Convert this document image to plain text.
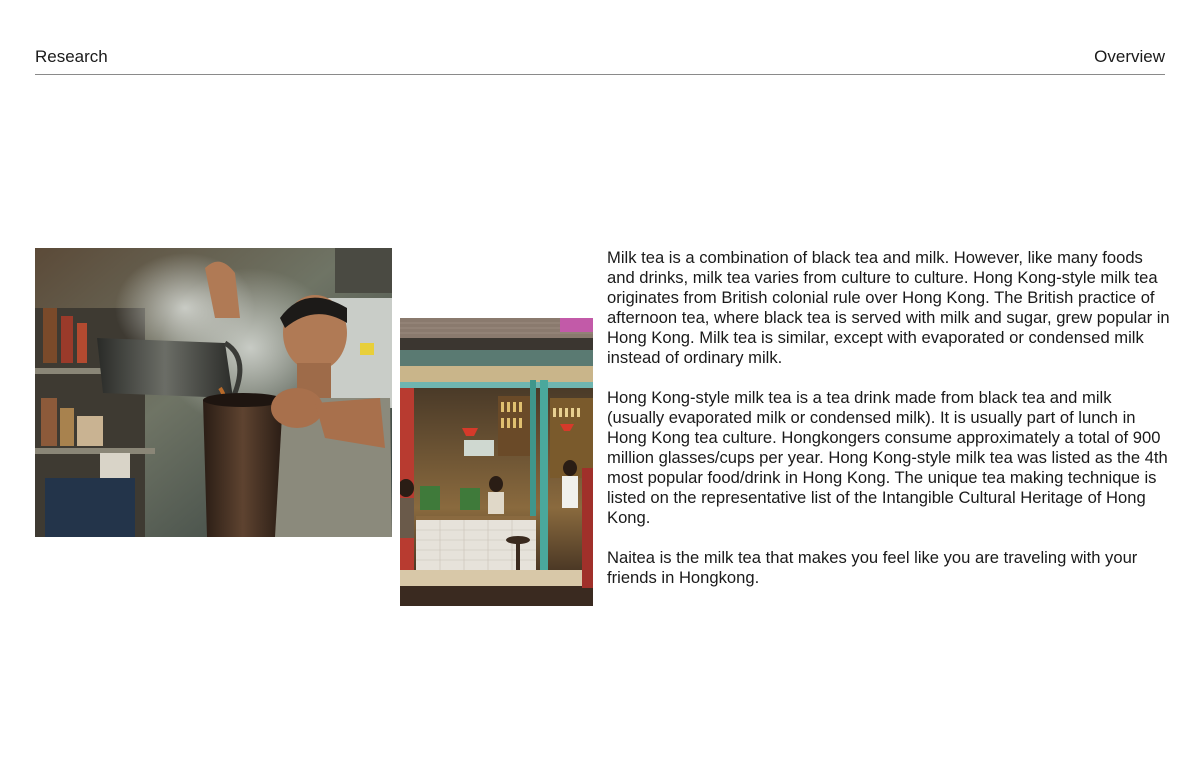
Research	Overview

Milk tea is a combination of black tea and milk. However, like many foods and drinks, milk tea varies from culture to culture. Hong Kong-style milk tea originates from British colonial rule over Hong Kong. The British practice of afternoon tea, where black tea is served with milk and sugar, grew popular in Hong Kong. Milk tea is similar, except with evaporated or condensed milk instead of ordinary milk.

Hong Kong-style milk tea is a tea drink made from black tea and milk (usually evaporated milk or condensed milk). It is usually part of lunch in Hong Kong tea culture. Hongkongers consume approximately a total of 900 million glasses/cups per year. Hong Kong-style milk tea was listed as the 4th most popular food/drink in Hong Kong. The unique tea making technique is listed on the representative list of the Intangible Cultural Heritage of Hong Kong.

Naitea is the milk tea that makes you feel like you are traveling with your friends in Hongkong.
